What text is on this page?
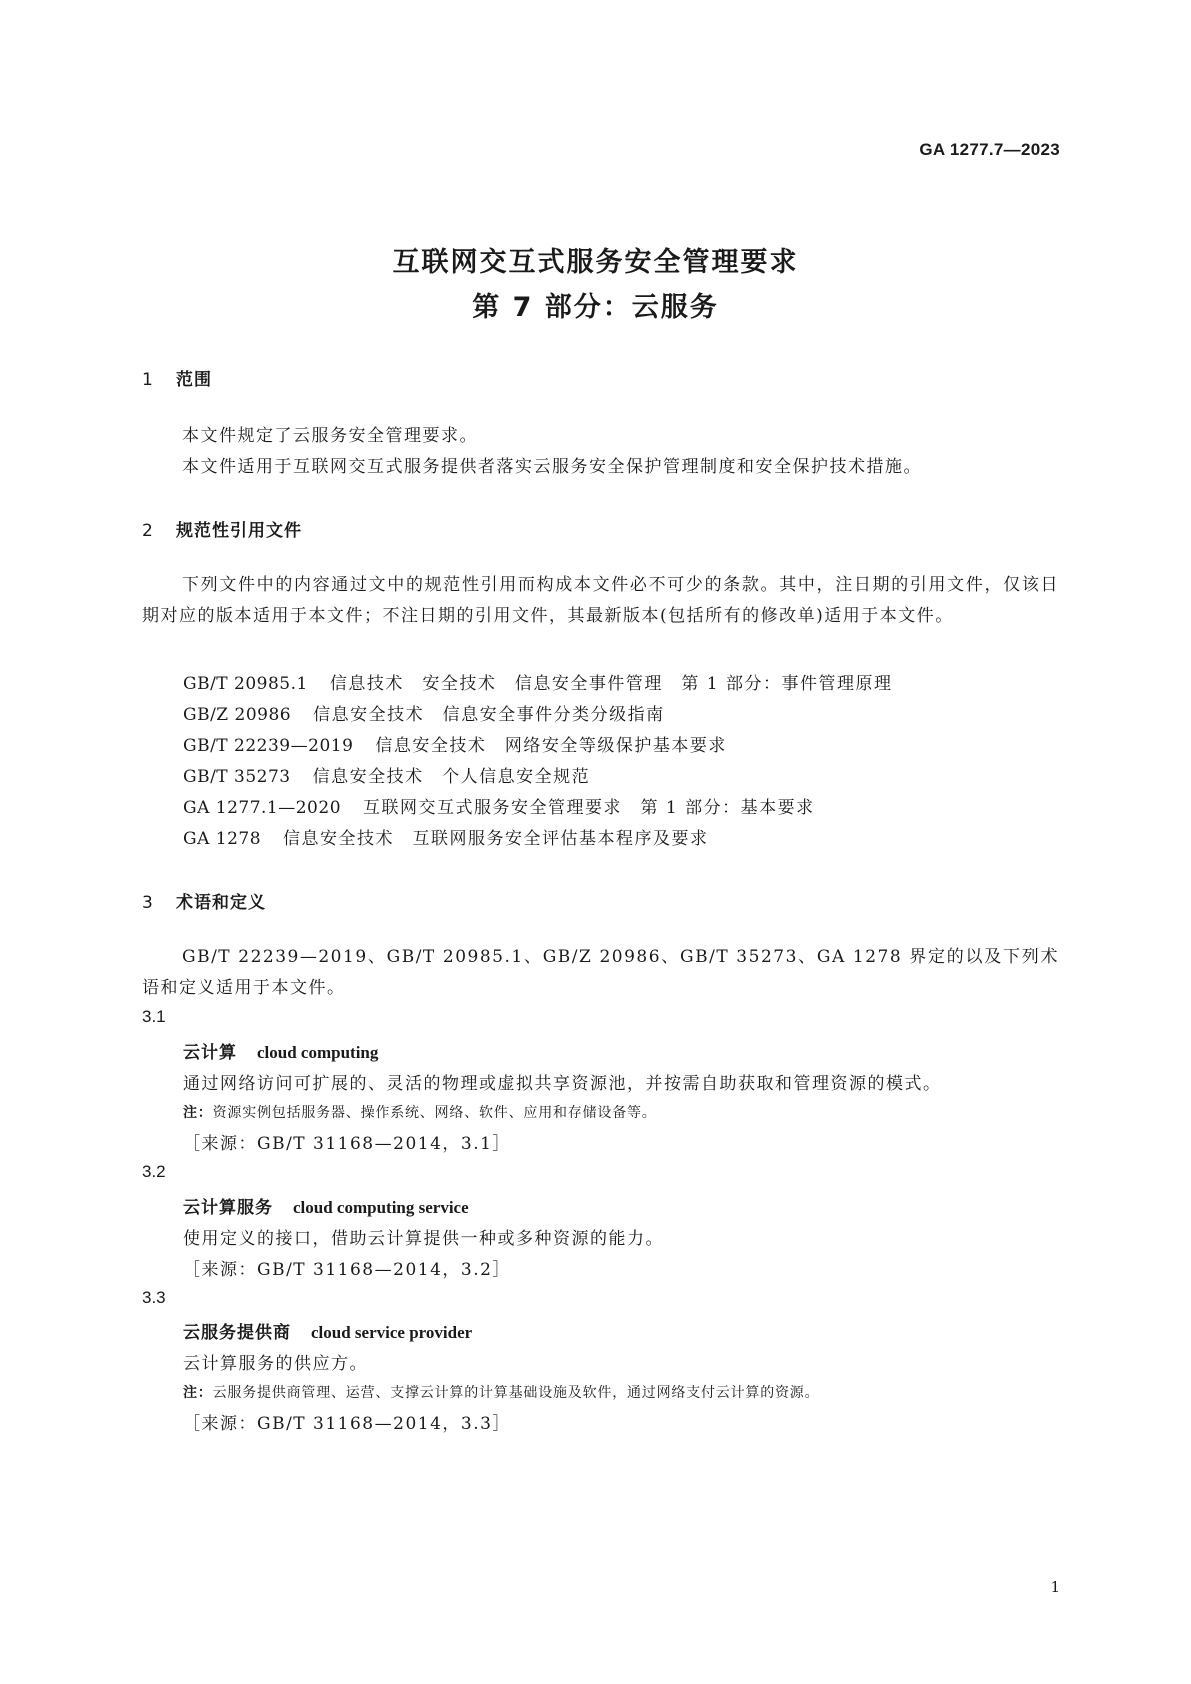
GA 1277.7—2023
互联网交互式服务安全管理要求
第 7 部分：云服务
1 范围
本文件规定了云服务安全管理要求。
本文件适用于互联网交互式服务提供者落实云服务安全保护管理制度和安全保护技术措施。
2 规范性引用文件
下列文件中的内容通过文中的规范性引用而构成本文件必不可少的条款。其中，注日期的引用文件，仅该日期对应的版本适用于本文件；不注日期的引用文件，其最新版本(包括所有的修改单)适用于本文件。
GB/T 20985.1 信息技术　安全技术　信息安全事件管理　第 1 部分：事件管理原理
GB/Z 20986 信息安全技术　信息安全事件分类分级指南
GB/T 22239—2019 信息安全技术　网络安全等级保护基本要求
GB/T 35273 信息安全技术　个人信息安全规范
GA 1277.1—2020 互联网交互式服务安全管理要求　第 1 部分：基本要求
GA 1278 信息安全技术　互联网服务安全评估基本程序及要求
3 术语和定义
GB/T 22239—2019、GB/T 20985.1、GB/Z 20986、GB/T 35273、GA 1278 界定的以及下列术语和定义适用于本文件。
3.1
云计算 cloud computing
通过网络访问可扩展的、灵活的物理或虚拟共享资源池，并按需自助获取和管理资源的模式。
注：资源实例包括服务器、操作系统、网络、软件、应用和存储设备等。
［来源：GB/T 31168—2014，3.1］
3.2
云计算服务 cloud computing service
使用定义的接口，借助云计算提供一种或多种资源的能力。
［来源：GB/T 31168—2014，3.2］
3.3
云服务提供商 cloud service provider
云计算服务的供应方。
注：云服务提供商管理、运营、支撑云计算的计算基础设施及软件，通过网络支付云计算的资源。
［来源：GB/T 31168—2014，3.3］
1
